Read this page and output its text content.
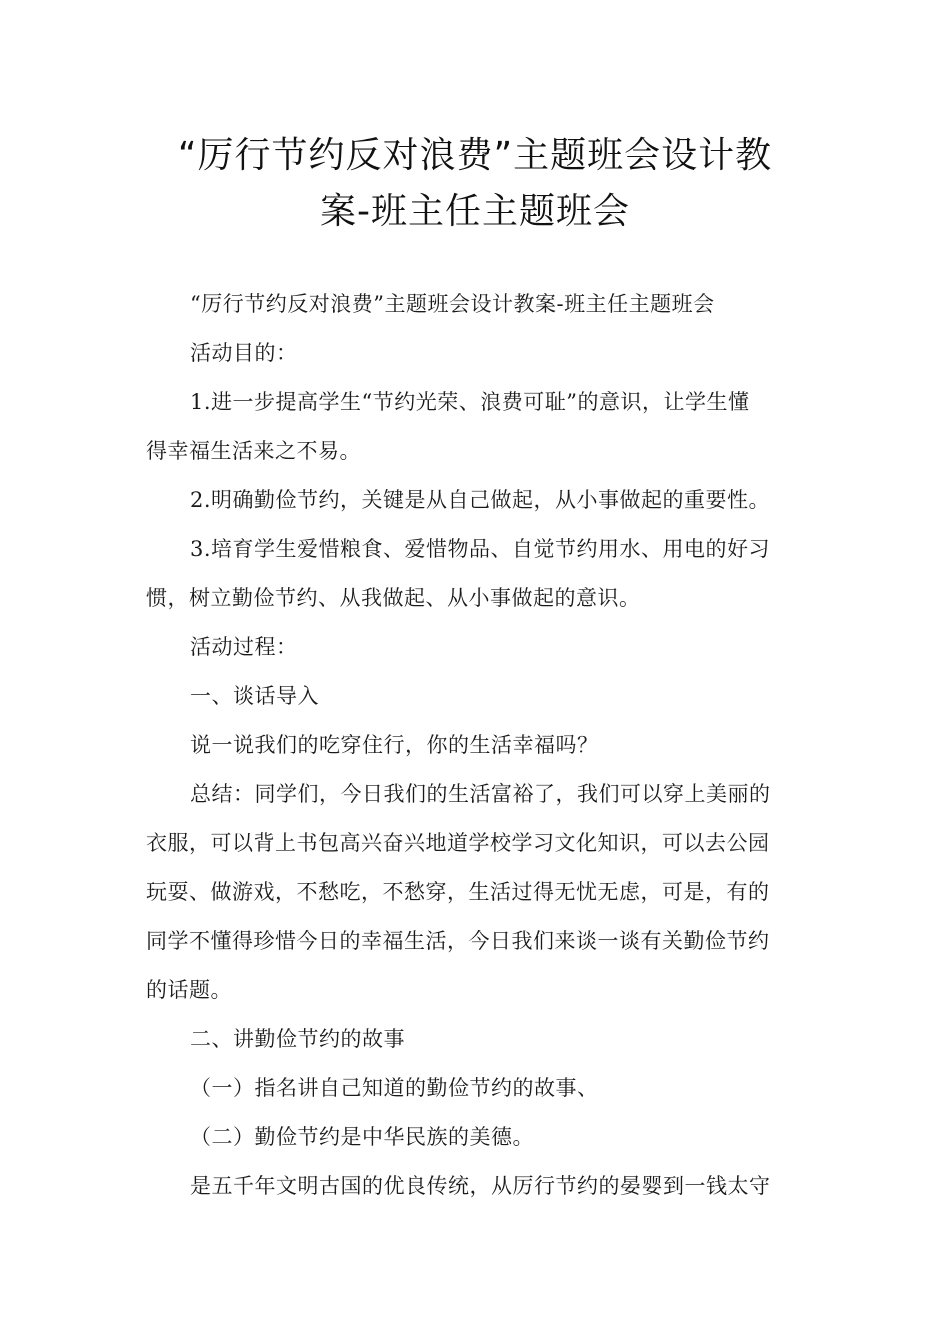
“厉行节约反对浪费”主题班会设计教
案-班主任主题班会

“厉行节约反对浪费”主题班会设计教案-班主任主题班会

活动目的：

1.进一步提高学生“节约光荣、浪费可耻”的意识，让学生懂
得幸福生活来之不易。

2.明确勤俭节约，关键是从自己做起，从小事做起的重要性。

3.培育学生爱惜粮食、爱惜物品、自觉节约用水、用电的好习
惯，树立勤俭节约、从我做起、从小事做起的意识。

活动过程：

一、谈话导入

说一说我们的吃穿住行，你的生活幸福吗？

总结：同学们，今日我们的生活富裕了，我们可以穿上美丽的
衣服，可以背上书包高兴奋兴地道学校学习文化知识，可以去公园
玩耍、做游戏，不愁吃，不愁穿，生活过得无忧无虑，可是，有的
同学不懂得珍惜今日的幸福生活，今日我们来谈一谈有关勤俭节约
的话题。

二、讲勤俭节约的故事

（一）指名讲自己知道的勤俭节约的故事、

（二）勤俭节约是中华民族的美德。

是五千年文明古国的优良传统，从厉行节约的晏婴到一钱太守
